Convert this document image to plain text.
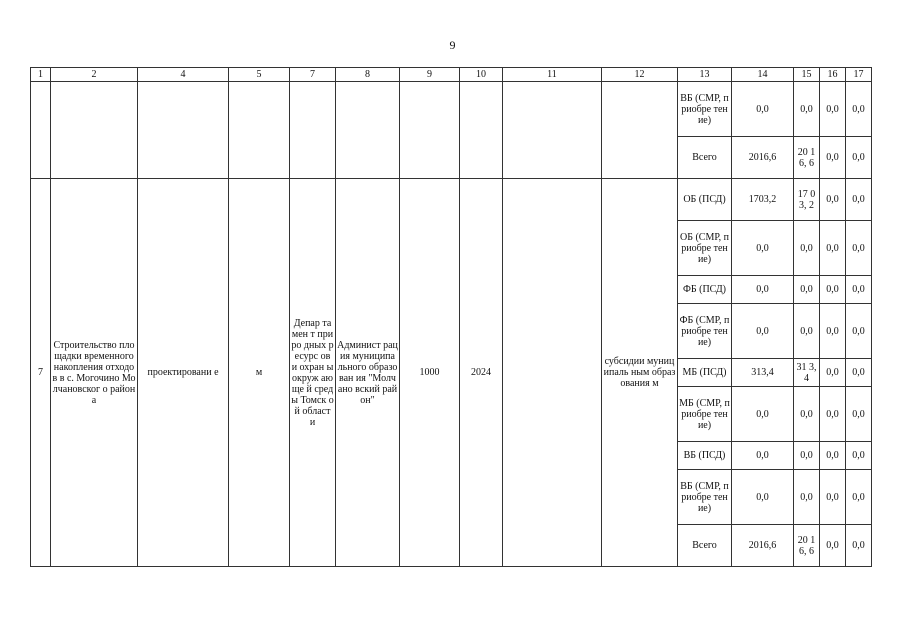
9
1	2	4	5	7	8	9	10	11	12	13	14	15	16	17
										ВБ (СМР, приобре тение)	0,0	0,0	0,0	0,0
										Всего	2016,6	20 16, 6	0,0	0,0
7	Строительство площадки временного накопления отходов в с. Могочино Молчановског о района	проектировани е	м	Депар тамен т приро дных ресурс ов и охран ы окруж ающе й среды Томск ой област и	Админист рация муниципа льного образован ия "Молчано вский район"	1000	2024		субсидии муниципаль ным образования м	ОБ (ПСД)	1703,2	17 03, 2	0,0	0,0
										ОБ (СМР, приобре тение)	0,0	0,0	0,0	0,0
										ФБ (ПСД)	0,0	0,0	0,0	0,0
										ФБ (СМР, приобре тение)	0,0	0,0	0,0	0,0
										МБ (ПСД)	313,4	31 3,4	0,0	0,0
										МБ (СМР, приобре тение)	0,0	0,0	0,0	0,0
										ВБ (ПСД)	0,0	0,0	0,0	0,0
										ВБ (СМР, приобре тение)	0,0	0,0	0,0	0,0
										Всего	2016,6	20 16, 6	0,0	0,0
